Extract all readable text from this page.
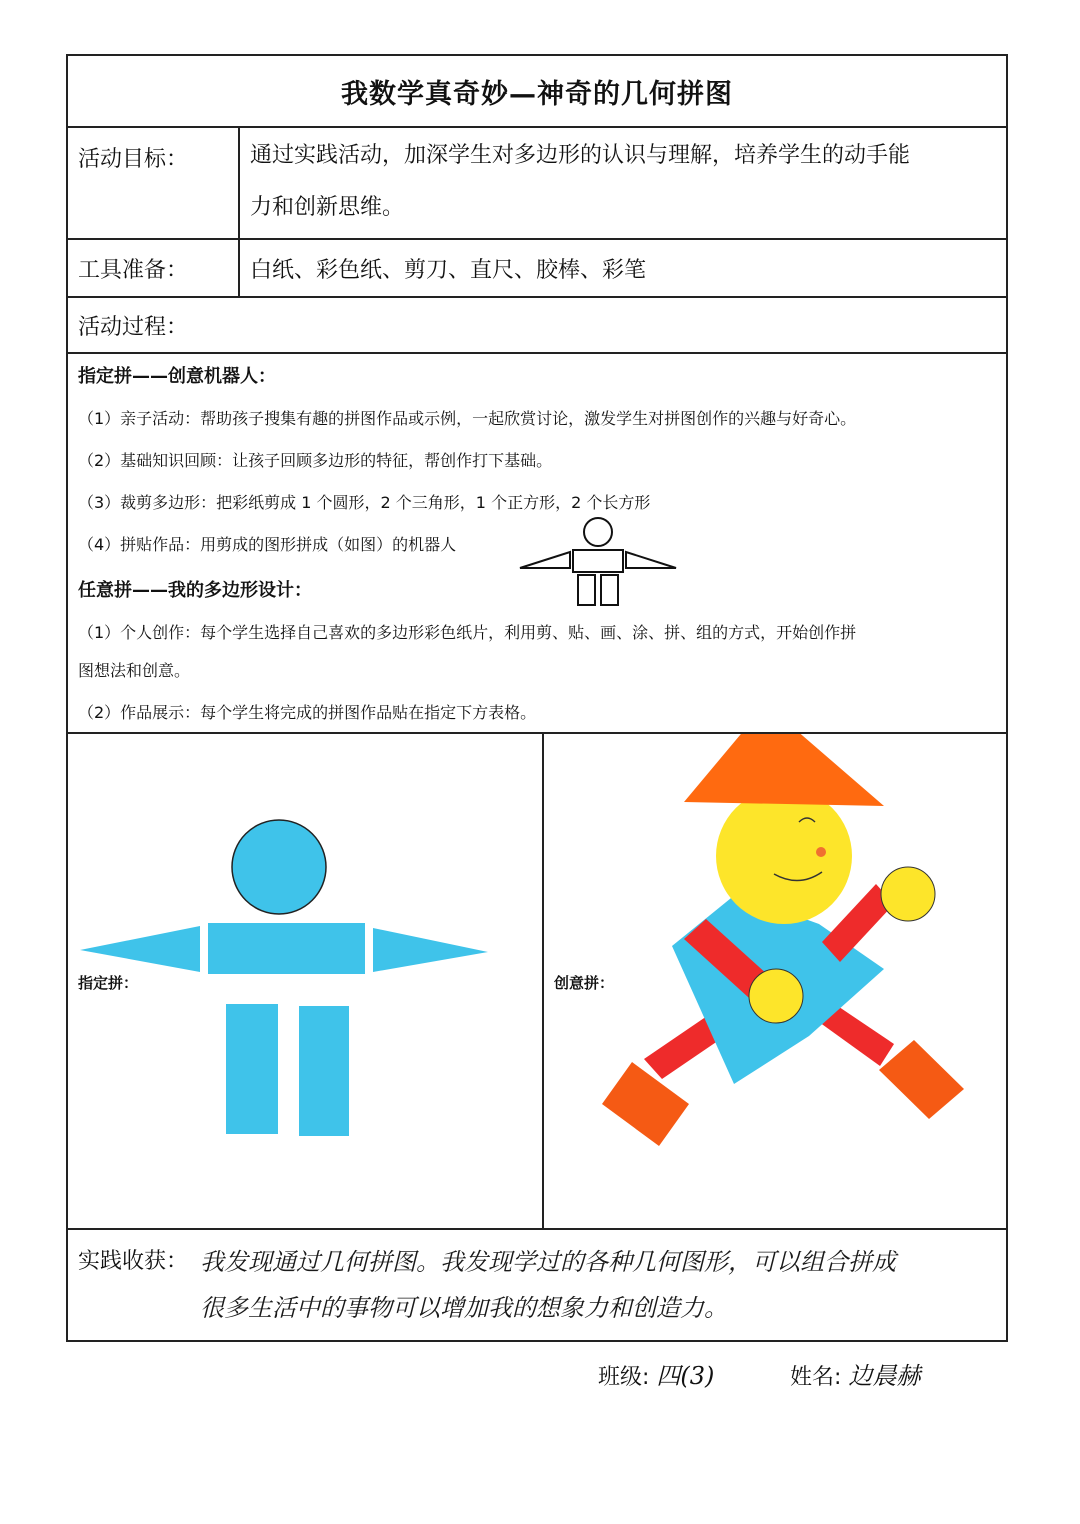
我数学真奇妙—神奇的几何拼图
活动目标：	通过实践活动，加深学生对多边形的认识与理解，培养学生的动手能
力和创新思维。
工具准备：	白纸、彩色纸、剪刀、直尺、胶棒、彩笔
活动过程：
指定拼——创意机器人：
（1）亲子活动：帮助孩子搜集有趣的拼图作品或示例，一起欣赏讨论，激发学生对拼图创作的兴趣与好奇心。
（2）基础知识回顾：让孩子回顾多边形的特征，帮创作打下基础。
（3）裁剪多边形：把彩纸剪成 1 个圆形，2 个三角形，1 个正方形，2 个长方形
（4）拼贴作品：用剪成的图形拼成（如图）的机器人
任意拼——我的多边形设计：
（1）个人创作：每个学生选择自己喜欢的多边形彩色纸片，利用剪、贴、画、涂、拼、组的方式，开始创作拼
图想法和创意。
（2）作品展示：每个学生将完成的拼图作品贴在指定下方表格。
指定拼：	创意拼：
实践收获： 我发现通过几何拼图。我发现学过的各种几何图形，可以组合拼成
很多生活中的事物可以增加我的想象力和创造力。
班级: 四(3)	姓名: 边晨赫
